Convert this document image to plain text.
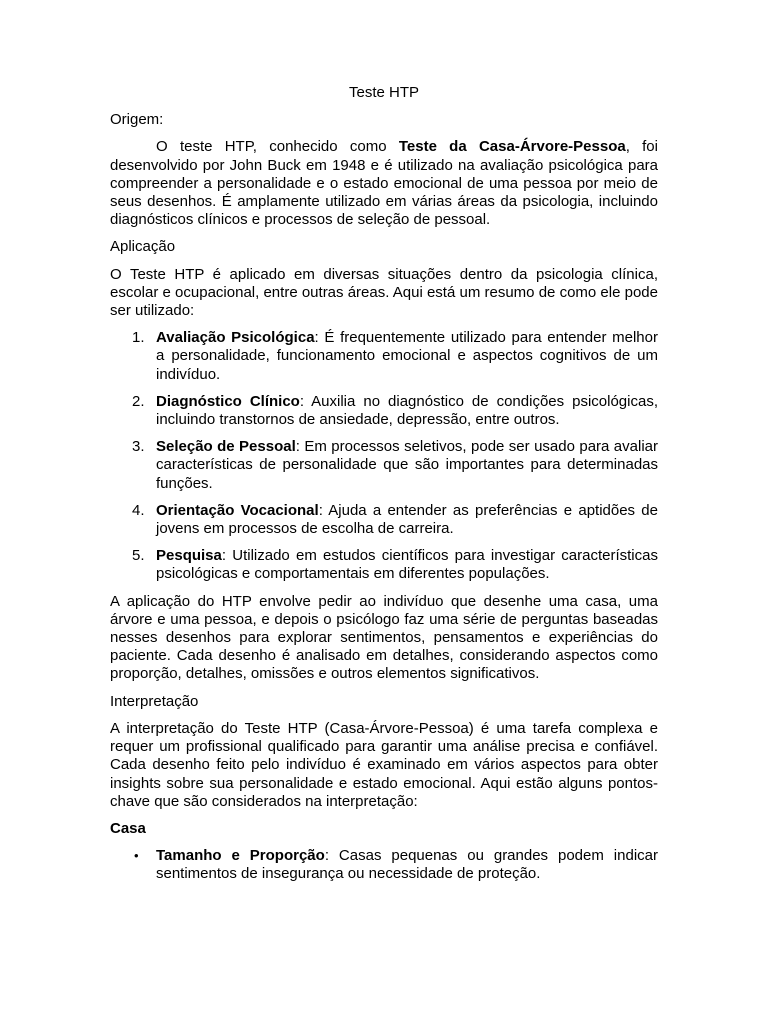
Teste HTP
Origem:

O teste HTP, conhecido como Teste da Casa-Árvore-Pessoa, foi desenvolvido por John Buck em 1948 e é utilizado na avaliação psicológica para compreender a personalidade e o estado emocional de uma pessoa por meio de seus desenhos. É amplamente utilizado em várias áreas da psicologia, incluindo diagnósticos clínicos e processos de seleção de pessoal.

Aplicação

O Teste HTP é aplicado em diversas situações dentro da psicologia clínica, escolar e ocupacional, entre outras áreas. Aqui está um resumo de como ele pode ser utilizado:

1. Avaliação Psicológica: É frequentemente utilizado para entender melhor a personalidade, funcionamento emocional e aspectos cognitivos de um indivíduo.
2. Diagnóstico Clínico: Auxilia no diagnóstico de condições psicológicas, incluindo transtornos de ansiedade, depressão, entre outros.
3. Seleção de Pessoal: Em processos seletivos, pode ser usado para avaliar características de personalidade que são importantes para determinadas funções.
4. Orientação Vocacional: Ajuda a entender as preferências e aptidões de jovens em processos de escolha de carreira.
5. Pesquisa: Utilizado em estudos científicos para investigar características psicológicas e comportamentais em diferentes populações.

A aplicação do HTP envolve pedir ao indivíduo que desenhe uma casa, uma árvore e uma pessoa, e depois o psicólogo faz uma série de perguntas baseadas nesses desenhos para explorar sentimentos, pensamentos e experiências do paciente. Cada desenho é analisado em detalhes, considerando aspectos como proporção, detalhes, omissões e outros elementos significativos.

Interpretação

A interpretação do Teste HTP (Casa-Árvore-Pessoa) é uma tarefa complexa e requer um profissional qualificado para garantir uma análise precisa e confiável. Cada desenho feito pelo indivíduo é examinado em vários aspectos para obter insights sobre sua personalidade e estado emocional. Aqui estão alguns pontos-chave que são considerados na interpretação:

Casa
• Tamanho e Proporção: Casas pequenas ou grandes podem indicar sentimentos de insegurança ou necessidade de proteção.
